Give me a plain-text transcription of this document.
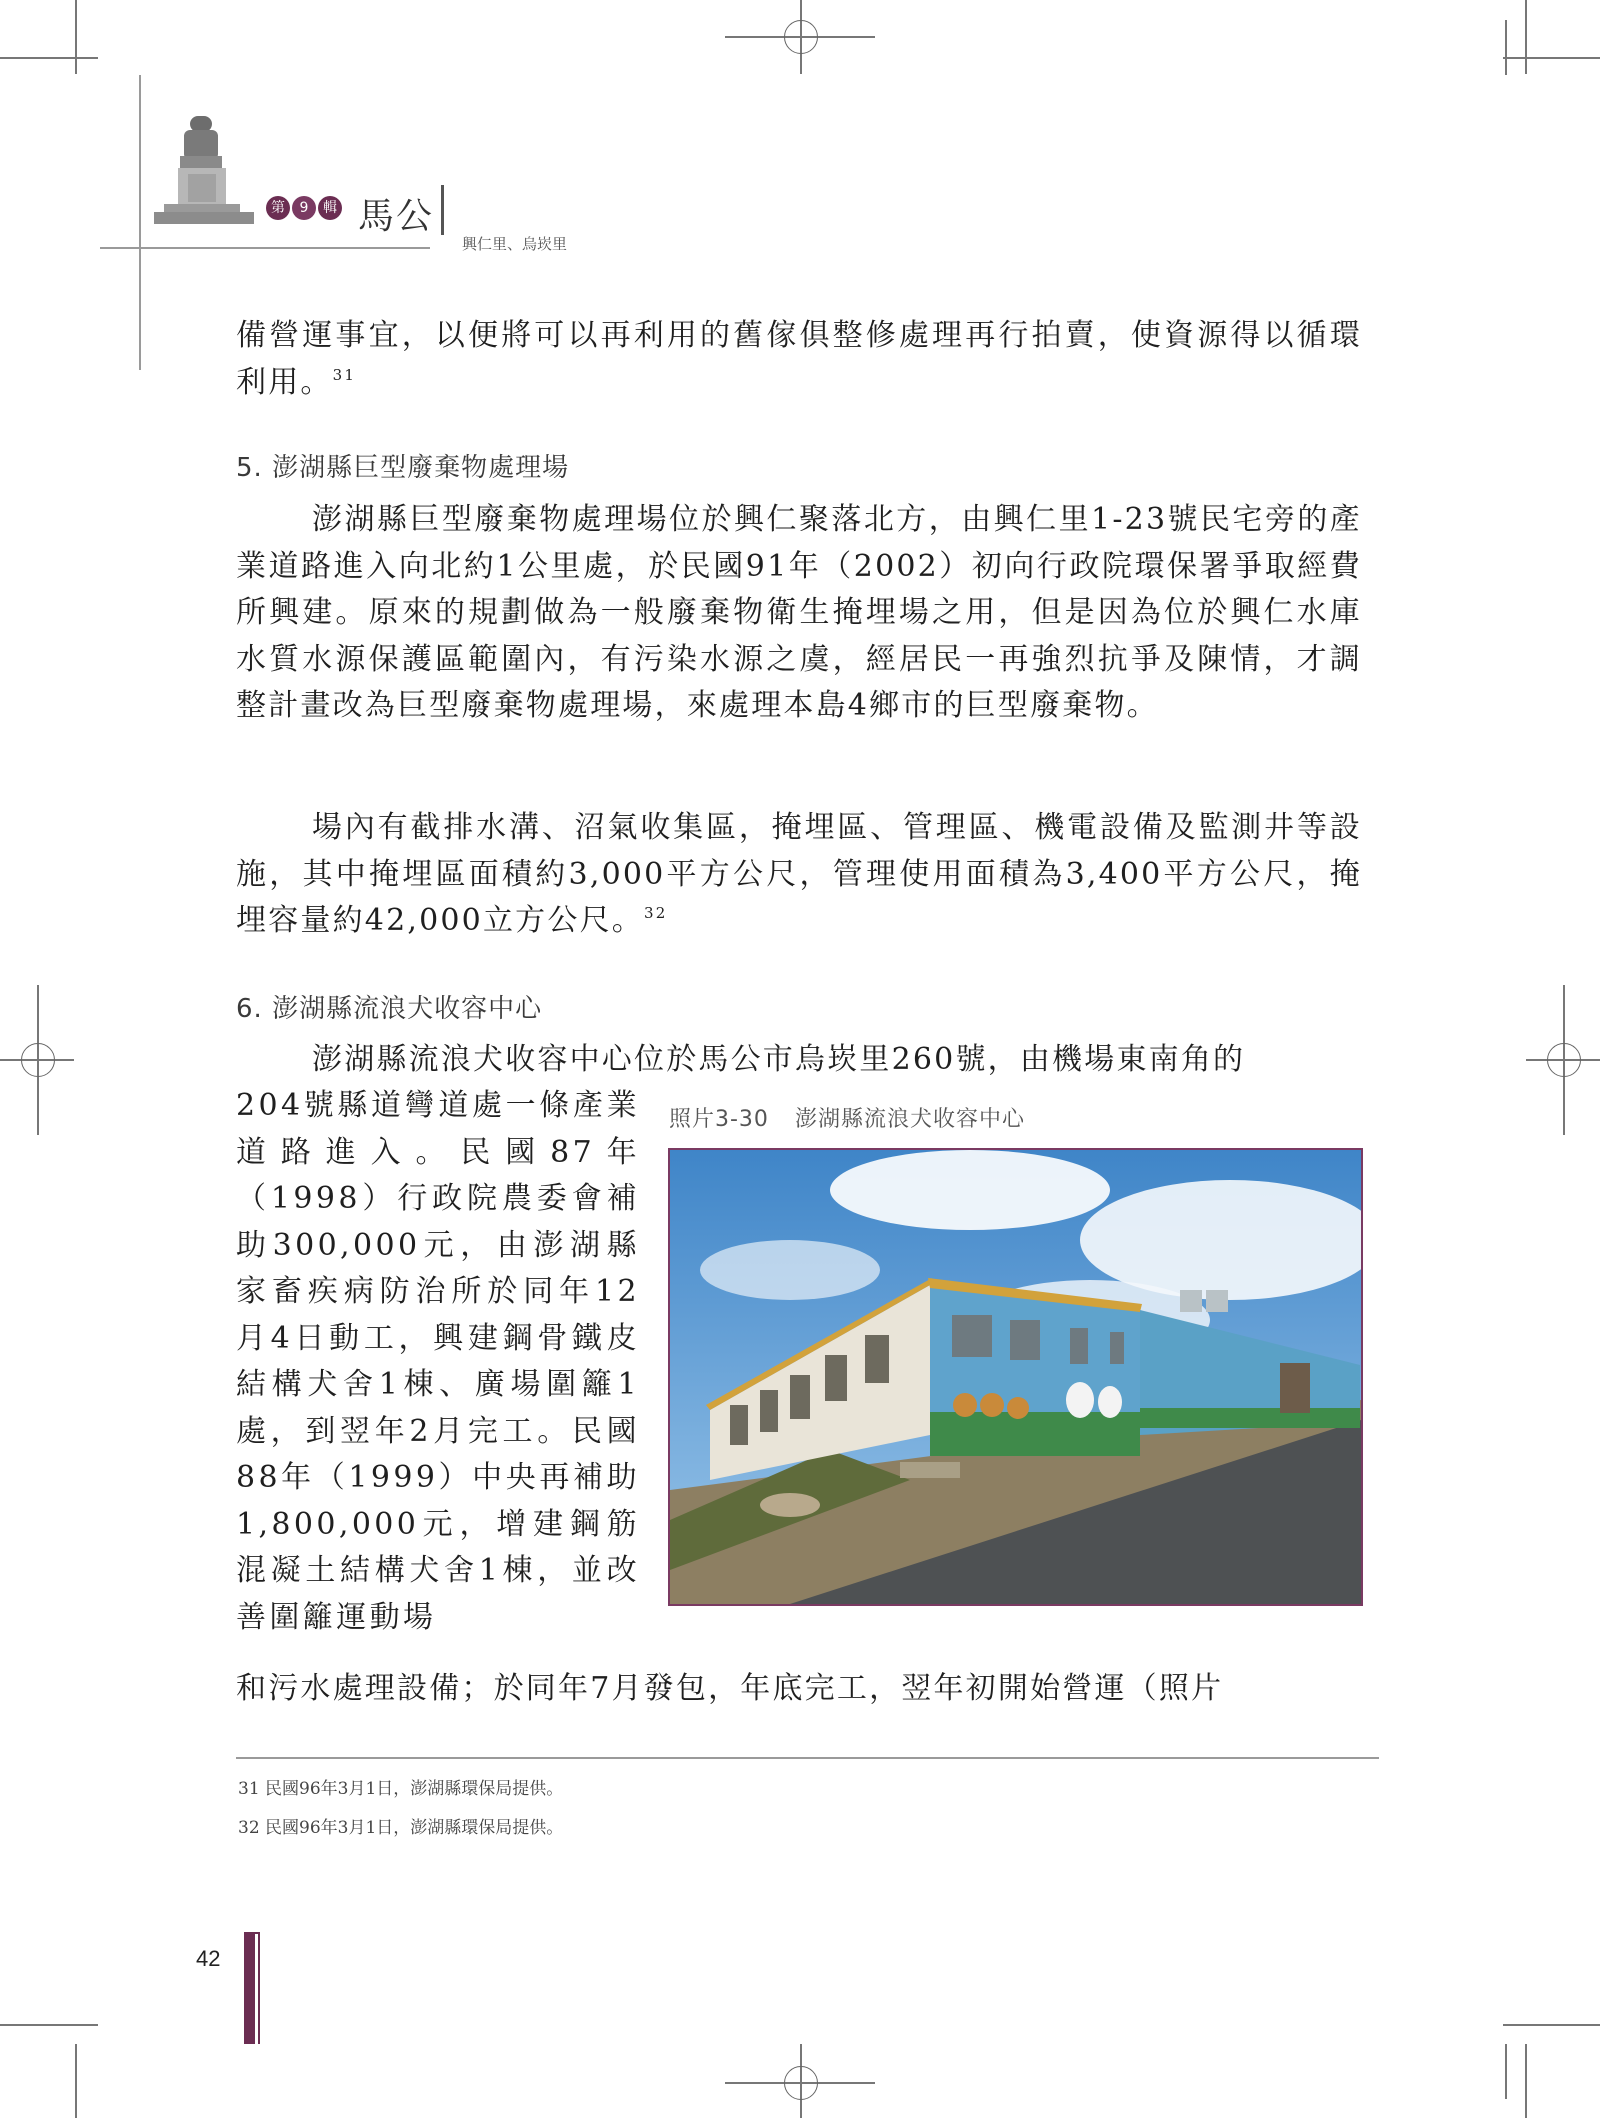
第	9	輯 馬公
興仁里、烏崁里

備營運事宜，以便將可以再利用的舊傢俱整修處理再行拍賣，使資源得以循環利用。$^{31}$

5. 澎湖縣巨型廢棄物處理場

澎湖縣巨型廢棄物處理場位於興仁聚落北方，由興仁里1-23號民宅旁的產業道路進入向北約1公里處，於民國91年（2002）初向行政院環保署爭取經費所興建。原來的規劃做為一般廢棄物衛生掩埋場之用，但是因為位於興仁水庫水質水源保護區範圍內，有污染水源之虞，經居民一再強烈抗爭及陳情，才調整計畫改為巨型廢棄物處理場，來處理本島4鄉市的巨型廢棄物。

場內有截排水溝、沼氣收集區，掩埋區、管理區、機電設備及監測井等設施，其中掩埋區面積約3,000平方公尺，管理使用面積為3,400平方公尺，掩埋容量約42,000立方公尺。$^{32}$

6. 澎湖縣流浪犬收容中心

澎湖縣流浪犬收容中心位於馬公市烏崁里260號，由機場東南角的

204號縣道彎道處一條產業道路進入。民國87年（1998）行政院農委會補助300,000元，由澎湖縣家畜疾病防治所於同年12月4日動工，興建鋼骨鐵皮結構犬舍1棟、廣場圍籬1處，到翌年2月完工。民國88年（1999）中央再補助1,800,000元，增建鋼筋混凝土結構犬舍1棟，並改善圍籬運動場

和污水處理設備；於同年7月發包，年底完工，翌年初開始營運（照片

照片3-30 澎湖縣流浪犬收容中心
31 民國96年3月1日，澎湖縣環保局提供。
32 民國96年3月1日，澎湖縣環保局提供。
42
